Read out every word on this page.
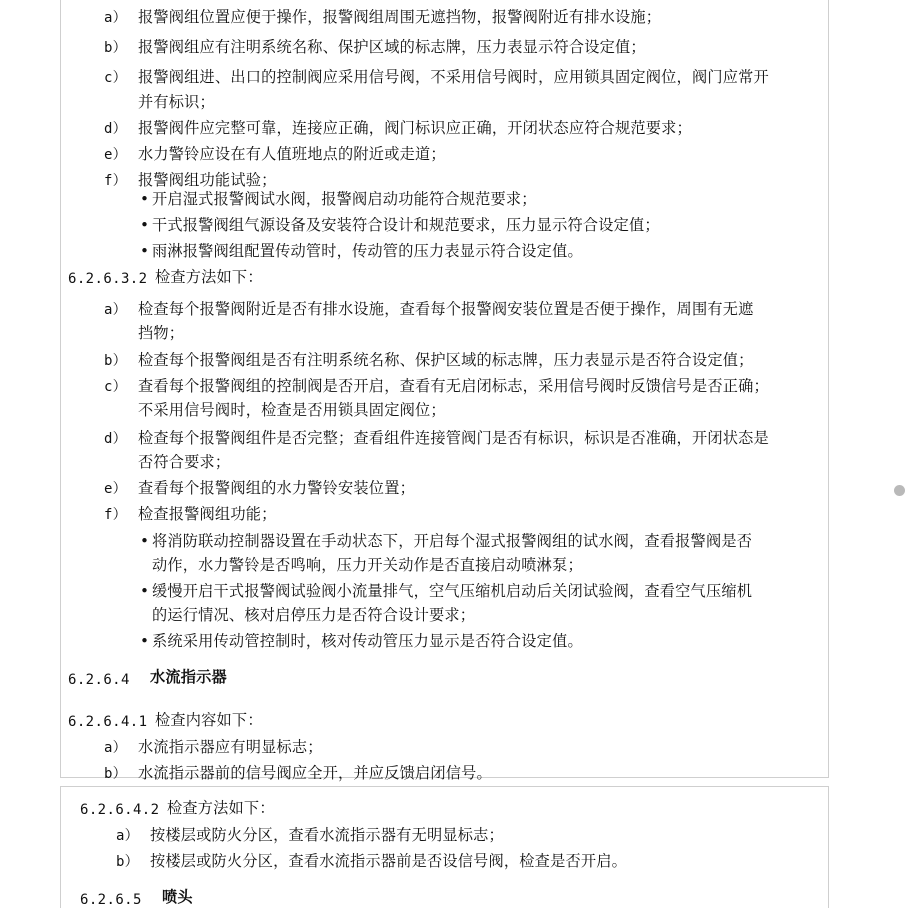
a） 报警阀组位置应便于操作，报警阀组周围无遮挡物，报警阀附近有排水设施；
b） 报警阀组应有注明系统名称、保护区域的标志牌，压力表显示符合设定值；
c） 报警阀组进、出口的控制阀应采用信号阀，不采用信号阀时，应用锁具固定阀位，阀门应常开
并有标识；
d） 报警阀件应完整可靠，连接应正确，阀门标识应正确，开闭状态应符合规范要求；
e） 水力警铃应设在有人值班地点的附近或走道；
f） 报警阀组功能试验；
• 开启湿式报警阀试水阀，报警阀启动功能符合规范要求；
• 干式报警阀组气源设备及安装符合设计和规范要求，压力显示符合设定值；
• 雨淋报警阀组配置传动管时，传动管的压力表显示符合设定值。
6.2.6.3.2 检查方法如下：
a） 检查每个报警阀附近是否有排水设施，查看每个报警阀安装位置是否便于操作，周围有无遮
挡物；
b） 检查每个报警阀组是否有注明系统名称、保护区域的标志牌，压力表显示是否符合设定值；
c） 查看每个报警阀组的控制阀是否开启，查看有无启闭标志，采用信号阀时反馈信号是否正确；
不采用信号阀时，检查是否用锁具固定阀位；
d） 检查每个报警阀组件是否完整；查看组件连接管阀门是否有标识，标识是否准确，开闭状态是
否符合要求；
e） 查看每个报警阀组的水力警铃安装位置；
f） 检查报警阀组功能；
• 将消防联动控制器设置在手动状态下，开启每个湿式报警阀组的试水阀，查看报警阀是否
动作，水力警铃是否鸣响，压力开关动作是否直接启动喷淋泵；
• 缓慢开启干式报警阀试验阀小流量排气，空气压缩机启动后关闭试验阀，查看空气压缩机
的运行情况、核对启停压力是否符合设计要求；
• 系统采用传动管控制时，核对传动管压力显示是否符合设定值。
6.2.6.4 水流指示器
6.2.6.4.1 检查内容如下：
a） 水流指示器应有明显标志；
b） 水流指示器前的信号阀应全开，并应反馈启闭信号。
6.2.6.4.2 检查方法如下：
a） 按楼层或防火分区，查看水流指示器有无明显标志；
b） 按楼层或防火分区，查看水流指示器前是否设信号阀，检查是否开启。
6.2.6.5 喷头
